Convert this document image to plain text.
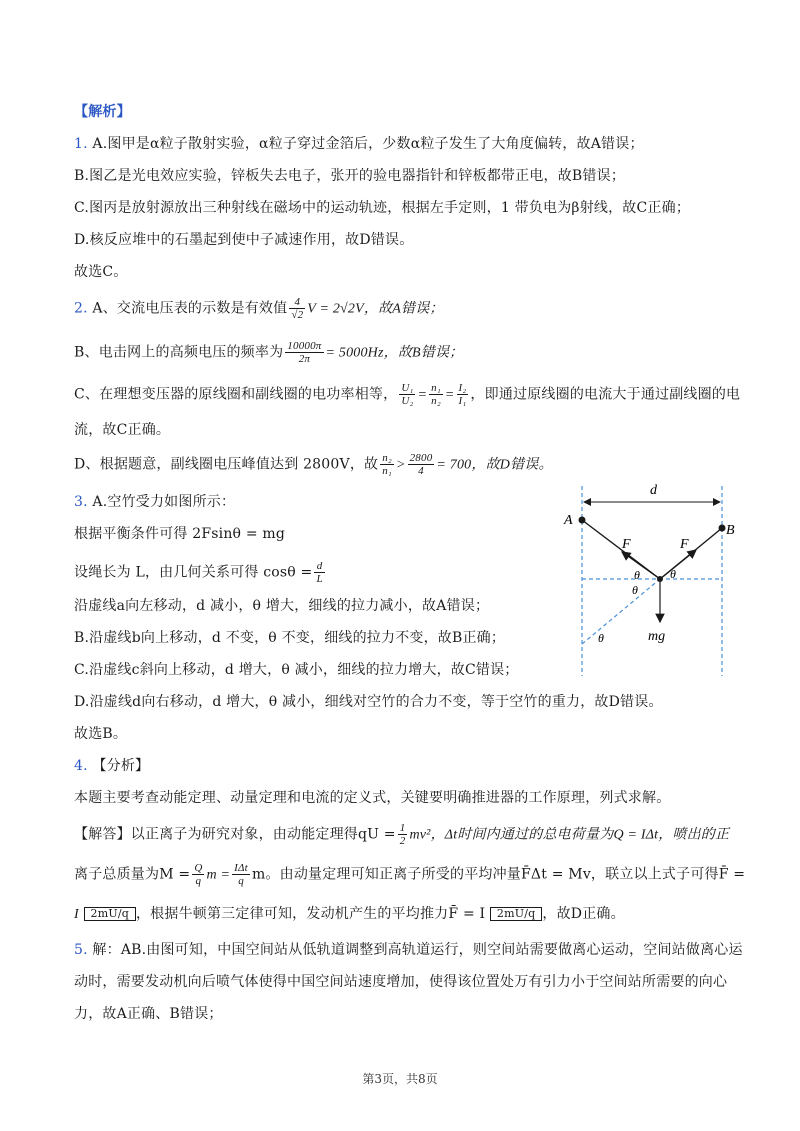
【解析】
1. A.图甲是α粒子散射实验，α粒子穿过金箔后，少数α粒子发生了大角度偏转，故A错误；
B.图乙是光电效应实验，锌板失去电子，张开的验电器指针和锌板都带正电，故B错误；
C.图丙是放射源放出三种射线在磁场中的运动轨迹，根据左手定则，1 带负电为β射线，故C正确；
D.核反应堆中的石墨起到使中子减速作用，故D错误。
故选C。
2. A、交流电压表的示数是有效值 $\frac{4}{√2}$ V = 2√2V，故A错误；
B、电击网上的高频电压的频率为 $\frac{10000\pi}{2\pi} = 5000Hz$，故B错误；
C、在理想变压器的原线圈和副线圈的电功率相等， $\frac{\text{U₁}}{\text{U₂}} = \frac{\text{n₁}}{\text{n₂}} = \frac{\text{I₂}}{\text{I₁}}$ ，即通过原线圈的电流大于通过副线圈的电
流，故C正确。
D、根据题意，副线圈电压峰值达到 2800V，故 $\frac{\text{n₂}}{\text{n₁}} > \frac{2800}{4} = 700$，故D错误。
3. A.空竹受力如图所示：
根据平衡条件可得 2Fsinθ = mg
设绳长为 L，由几何关系可得 $\cos\theta = \frac{d}{L}$
沿虚线a向左移动，d 减小，θ 增大，细线的拉力减小，故A错误；
B.沿虚线b向上移动，d 不变，θ 不变，细线的拉力不变，故B正确；
C.沿虚线c斜向上移动，d 增大，θ 减小，细线的拉力增大，故C错误；
D.沿虚线d向右移动，d 增大，θ 减小，细线对空竹的合力不变，等于空竹的重力，故D错误。
故选B。
d
A
B
F	F
θ	θ
θ
θ	mg
4. 【分析】
本题主要考查动能定理、动量定理和电流的定义式，关键要明确推进器的工作原理，列式求解。
【解答】以正离子为研究对象，由动能定理得qU = $\frac{1}{2} mv^2$，Δt时间内通过的总电荷量为Q = IΔt，喷出的正
离子总质量为$M = \frac{Q}{q}$ $m = \frac{\text{IΔt}}{q}$ m。由动量定理可知正离子所受的平均冲量F̄Δt = Mv，联立以上式子可得F̄ =
I 2mU/q ，根据牛顿第三定律可知，发动机产生的平均推力F̄ = I 2mU/q ，故D正确。
5. 解：AB.由图可知，中国空间站从低轨道调整到高轨道运行，则空间站需要做离心运动，空间站做离心运
动时，需要发动机向后喷气体使得中国空间站速度增加，使得该位置处万有引力小于空间站所需要的向心
力，故A正确、B错误；
第3页，共8页
